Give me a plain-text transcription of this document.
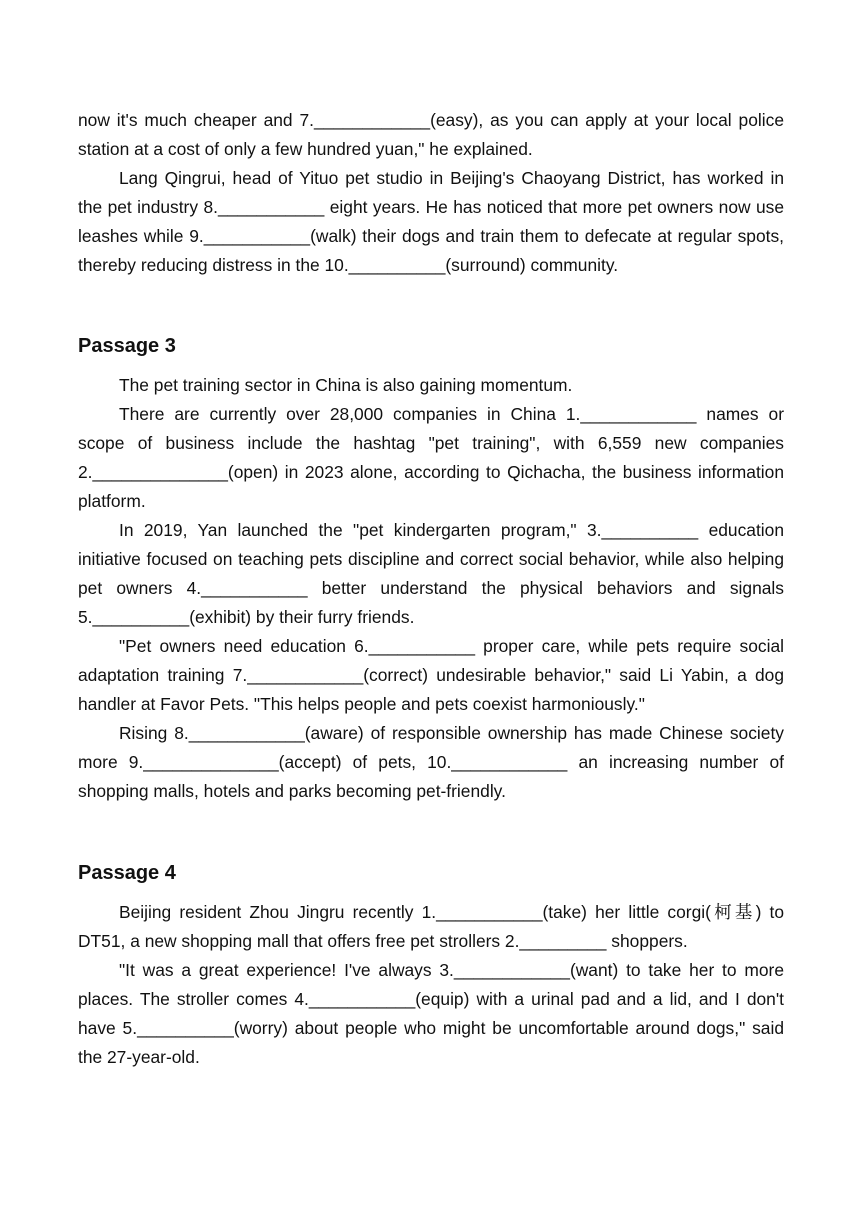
now it's much cheaper and 7.____________(easy), as you can apply at your local police station at a cost of only a few hundred yuan," he explained.

Lang Qingrui, head of Yituo pet studio in Beijing's Chaoyang District, has worked in the pet industry 8.___________ eight years. He has noticed that more pet owners now use leashes while 9.___________(walk) their dogs and train them to defecate at regular spots, thereby reducing distress in the 10.__________(surround) community.

Passage 3

The pet training sector in China is also gaining momentum.

There are currently over 28,000 companies in China 1.____________ names or scope of business include the hashtag "pet training", with 6,559 new companies 2.______________(open) in 2023 alone, according to Qichacha, the business information platform.

In 2019, Yan launched the "pet kindergarten program," 3.__________ education initiative focused on teaching pets discipline and correct social behavior, while also helping pet owners 4.___________ better understand the physical behaviors and signals 5.__________(exhibit) by their furry friends.

"Pet owners need education 6.___________ proper care, while pets require social adaptation training 7.____________(correct) undesirable behavior," said Li Yabin, a dog handler at Favor Pets. "This helps people and pets coexist harmoniously."

Rising 8.____________(aware) of responsible ownership has made Chinese society more 9.______________(accept) of pets, 10.____________ an increasing number of shopping malls, hotels and parks becoming pet-friendly.

Passage 4

Beijing resident Zhou Jingru recently 1.___________(take) her little corgi(柯基) to DT51, a new shopping mall that offers free pet strollers 2._________ shoppers.

"It was a great experience! I've always 3.____________(want) to take her to more places. The stroller comes 4.___________(equip) with a urinal pad and a lid, and I don't have 5.__________(worry) about people who might be uncomfortable around dogs," said the 27-year-old.
